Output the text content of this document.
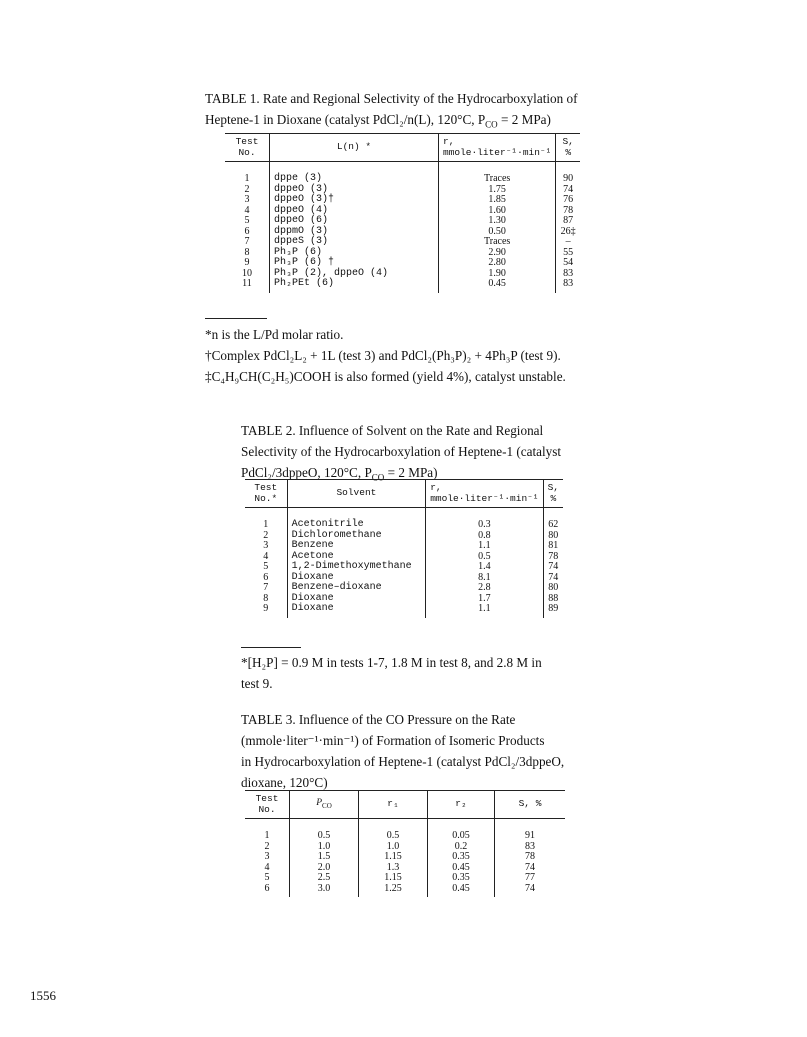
TABLE 1. Rate and Regional Selectivity of the Hydrocarboxylation of
Heptene-1 in Dioxane (catalyst PdCl₂/n(L), 120°C, $P_{CO} = 2$ MPa)
Test No.	L(n) *	r, mmole·liter⁻¹·min⁻¹	S, %
1	dppe (3)	Traces	90
2	dppeO (3)	1.75	74
3	dppeO (3)†	1.85	76
4	dppeO (4)	1.60	78
5	dppeO (6)	1.30	87
6	dppmO (3)	0.50	26‡
7	dppeS (3)	Traces	–
8	Ph₃P (6)	2.90	55
9	Ph₃P (6) †	2.80	54
10	Ph₃P (2), dppeO (4)	1.90	83
11	Ph₂PEt (6)	0.45	83
*n is the L/Pd molar ratio.
†Complex PdCl₂L₂ + 1L (test 3) and PdCl₂(Ph₃P)₂ + 4Ph₃P (test 9).
‡C₄H₉CH(C₂H₅)COOH is also formed (yield 4%), catalyst unstable.
TABLE 2. Influence of Solvent on the Rate and Regional
Selectivity of the Hydrocarboxylation of Heptene-1 (catalyst
PdCl₂/3dppeO, 120°C, $P_{CO} = 2$ MPa)
Test No.*	Solvent	r, mmole·liter⁻¹·min⁻¹	S, %
1	Acetonitrile	0.3	62
2	Dichloromethane	0.8	80
3	Benzene	1.1	81
4	Acetone	0.5	78
5	1,2-Dimethoxymethane	1.4	74
6	Dioxane	8.1	74
7	Benzene–dioxane	2.8	80
8	Dioxane	1.7	88
9	Dioxane	1.1	89
*[H₂P] = 0.9 M in tests 1-7, 1.8 M in test 8, and 2.8 M in
test 9.
TABLE 3. Influence of the CO Pressure on the Rate
(mmole·liter⁻¹·min⁻¹) of Formation of Isomeric Products
in Hydrocarboxylation of Heptene-1 (catalyst PdCl₂/3dppeO,
dioxane, 120°C)
Test No.	$P_{CO}$	r₁	r₂	S, %
1	0.5	0.5	0.05	91
2	1.0	1.0	0.2	83
3	1.5	1.15	0.35	78
4	2.0	1.3	0.45	74
5	2.5	1.15	0.35	77
6	3.0	1.25	0.45	74
1556
